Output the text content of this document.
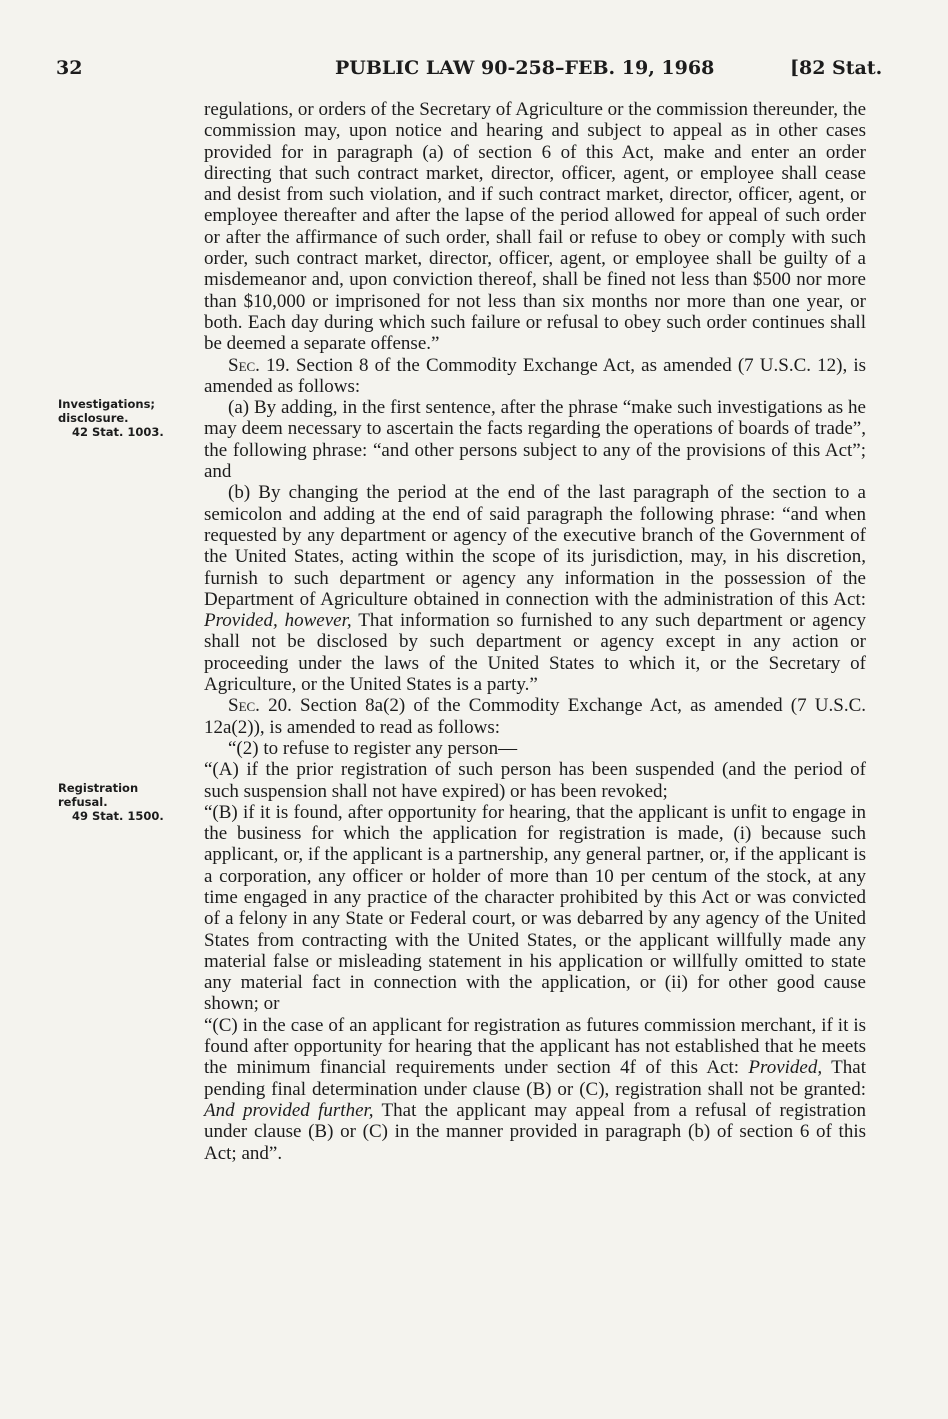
32	PUBLIC LAW 90-258–FEB. 19, 1968	[82 Stat.
Investigations;
disclosure.
42 Stat. 1003.
Registration
refusal.
49 Stat. 1500.

regulations, or orders of the Secretary of Agriculture or the commission thereunder, the commission may, upon notice and hearing and subject to appeal as in other cases provided for in paragraph (a) of section 6 of this Act, make and enter an order directing that such contract market, director, officer, agent, or employee shall cease and desist from such violation, and if such contract market, director, officer, agent, or employee thereafter and after the lapse of the period allowed for appeal of such order or after the affirmance of such order, shall fail or refuse to obey or comply with such order, such contract market, director, officer, agent, or employee shall be guilty of a misdemeanor and, upon conviction thereof, shall be fined not less than $500 nor more than $10,000 or imprisoned for not less than six months nor more than one year, or both. Each day during which such failure or refusal to obey such order continues shall be deemed a separate offense.”

Sec. 19. Section 8 of the Commodity Exchange Act, as amended (7 U.S.C. 12), is amended as follows:

(a) By adding, in the first sentence, after the phrase “make such investigations as he may deem necessary to ascertain the facts regarding the operations of boards of trade”, the following phrase: “and other persons subject to any of the provisions of this Act”; and

(b) By changing the period at the end of the last paragraph of the section to a semicolon and adding at the end of said paragraph the following phrase: “and when requested by any department or agency of the executive branch of the Government of the United States, acting within the scope of its jurisdiction, may, in his discretion, furnish to such department or agency any information in the possession of the Department of Agriculture obtained in connection with the administration of this Act: Provided, however, That information so furnished to any such department or agency shall not be disclosed by such department or agency except in any action or proceeding under the laws of the United States to which it, or the Secretary of Agriculture, or the United States is a party.”

Sec. 20. Section 8a(2) of the Commodity Exchange Act, as amended (7 U.S.C. 12a(2)), is amended to read as follows:

“(2) to refuse to register any person—

“(A) if the prior registration of such person has been suspended (and the period of such suspension shall not have expired) or has been revoked;

“(B) if it is found, after opportunity for hearing, that the applicant is unfit to engage in the business for which the application for registration is made, (i) because such applicant, or, if the applicant is a partnership, any general partner, or, if the applicant is a corporation, any officer or holder of more than 10 per centum of the stock, at any time engaged in any practice of the character prohibited by this Act or was convicted of a felony in any State or Federal court, or was debarred by any agency of the United States from contracting with the United States, or the applicant willfully made any material false or misleading statement in his application or willfully omitted to state any material fact in connection with the application, or (ii) for other good cause shown; or

“(C) in the case of an applicant for registration as futures commission merchant, if it is found after opportunity for hearing that the applicant has not established that he meets the minimum financial requirements under section 4f of this Act: Provided, That pending final determination under clause (B) or (C), registration shall not be granted: And provided further, That the applicant may appeal from a refusal of registration under clause (B) or (C) in the manner provided in paragraph (b) of section 6 of this Act; and”.
